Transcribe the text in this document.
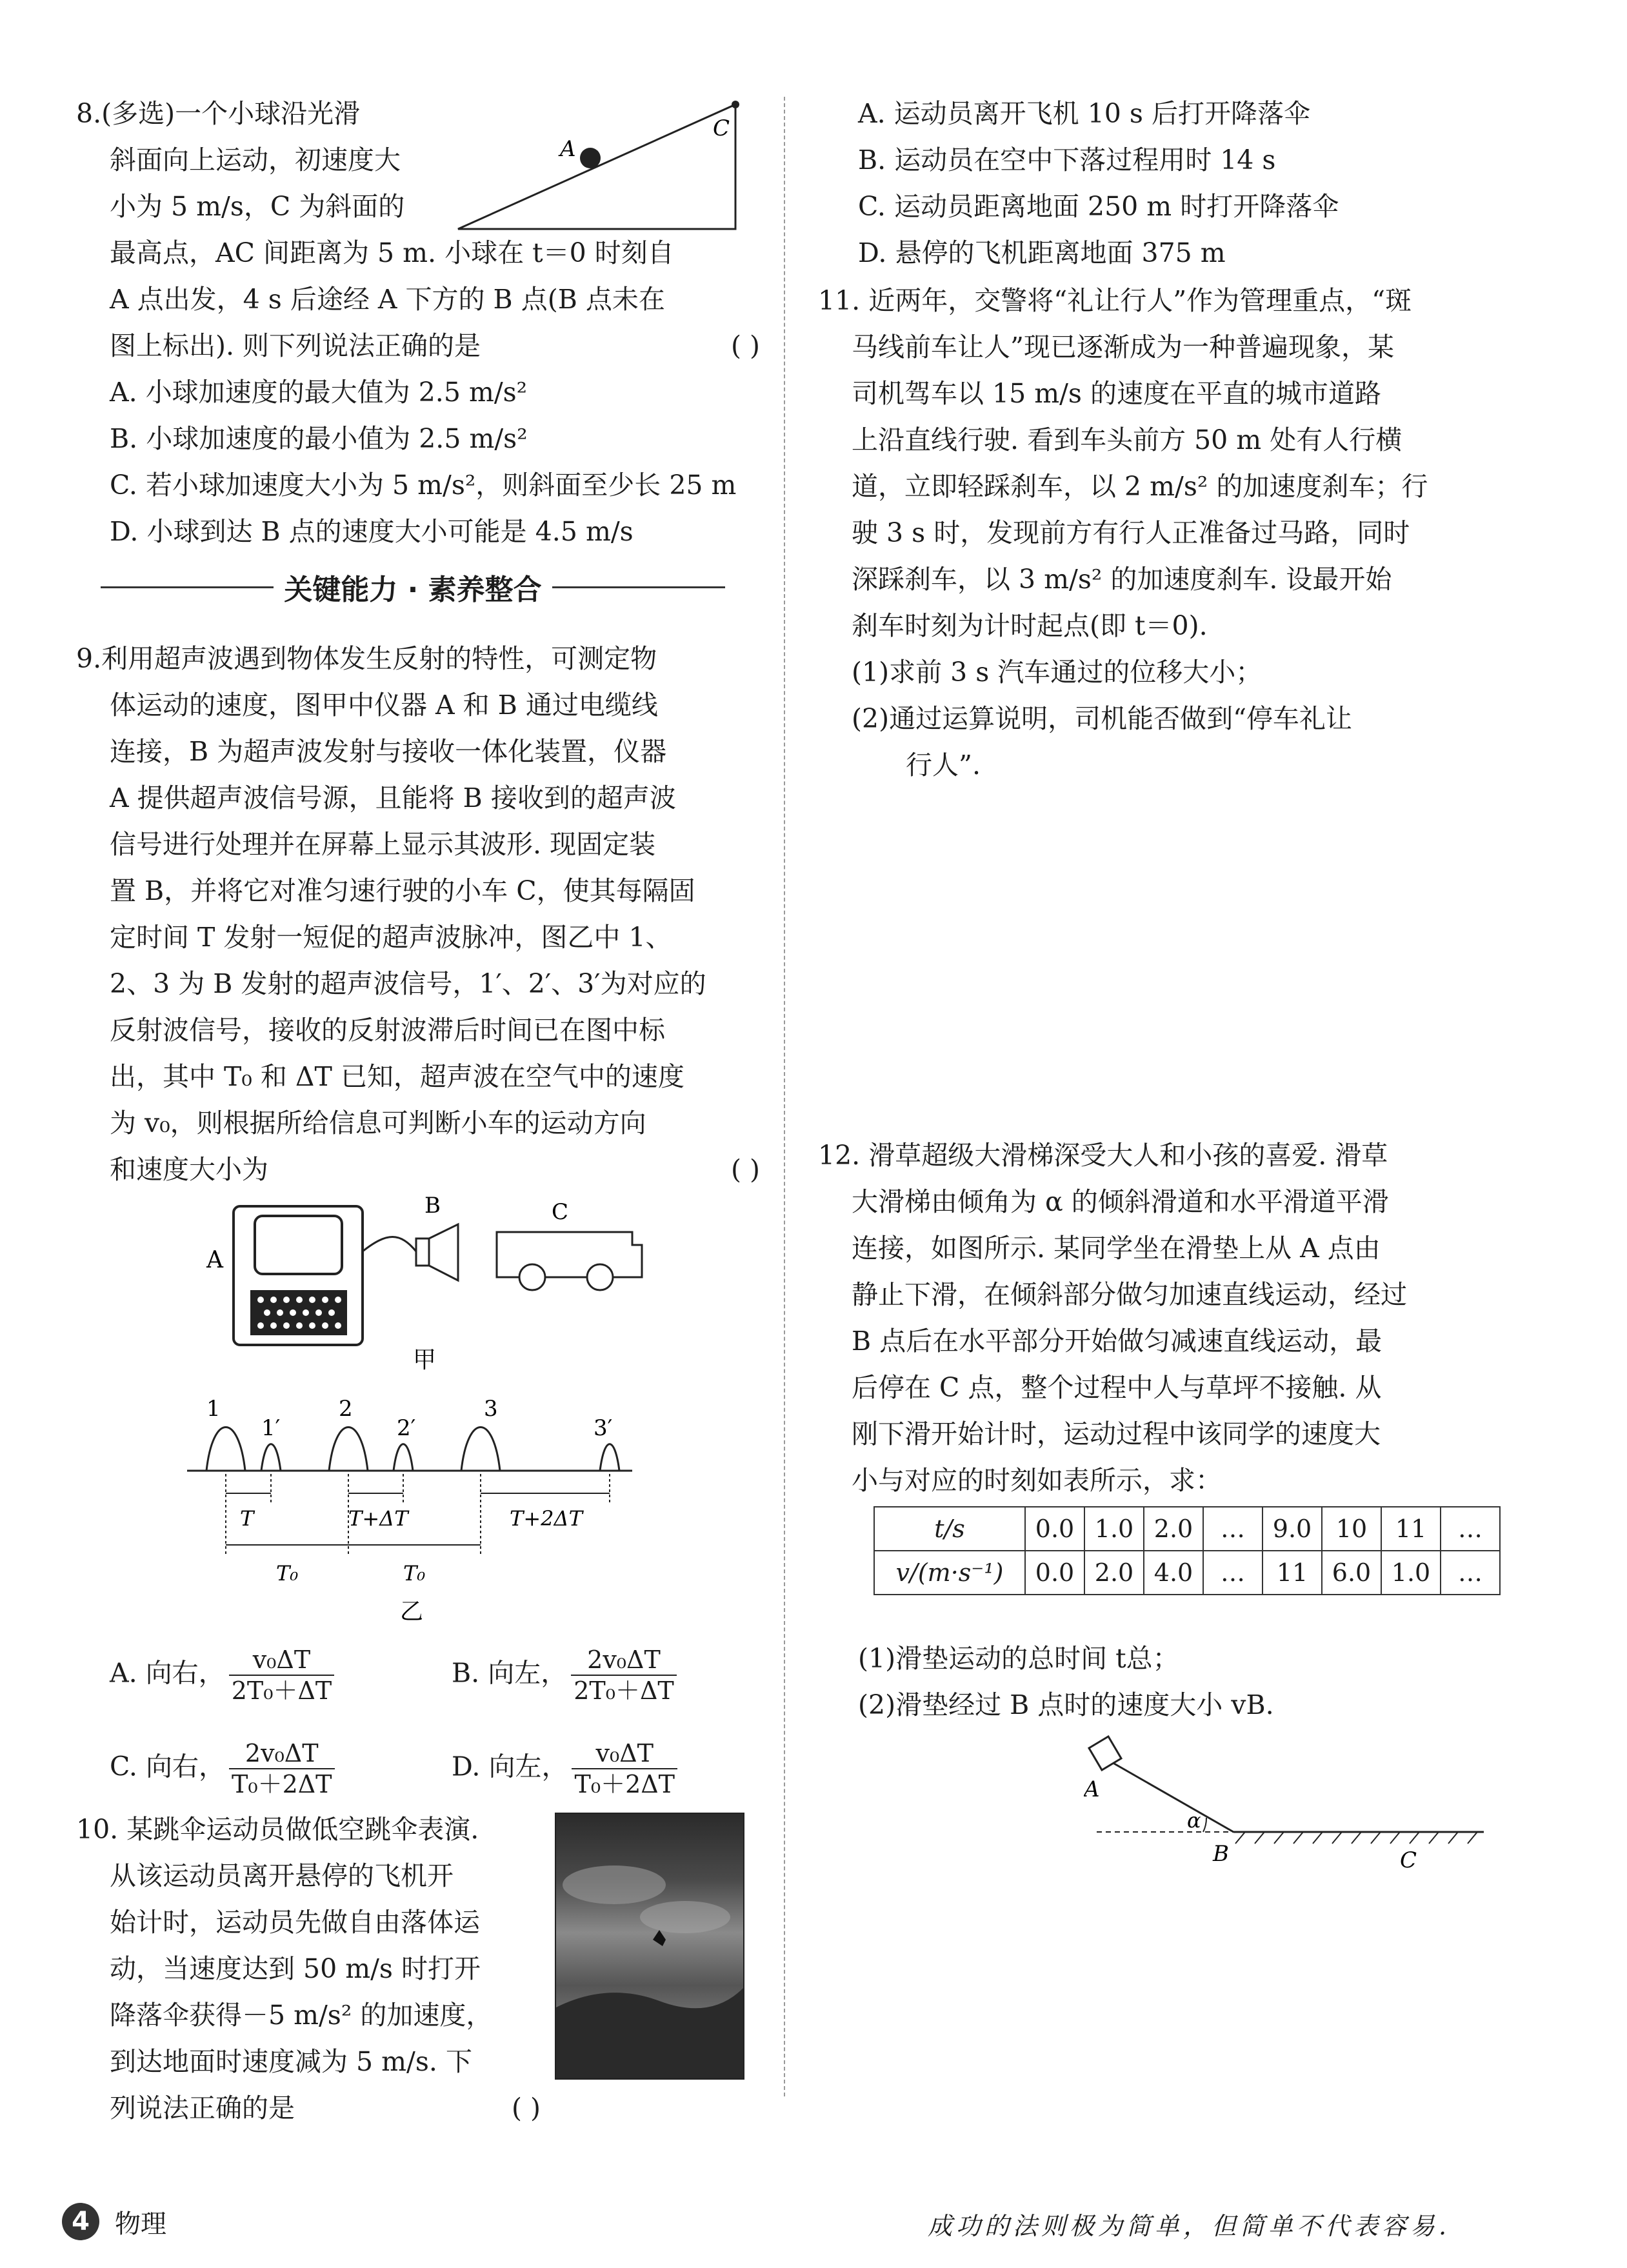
8.(多选)一个小球沿光滑

斜面向上运动，初速度大

小为 5 m/s，C 为斜面的

最高点，AC 间距离为 5 m. 小球在 t＝0 时刻自

A 点出发，4 s 后途经 A 下方的 B 点(B 点未在

图上标出). 则下列说法正确的是	( )

A. 小球加速度的最大值为 2.5 m/s²

B. 小球加速度的最小值为 2.5 m/s²

C. 若小球加速度大小为 5 m/s²，则斜面至少长 25 m

D. 小球到达 B 点的速度大小可能是 4.5 m/s

A
C
关键能力 · 素养整合

9.利用超声波遇到物体发生反射的特性，可测定物

体运动的速度，图甲中仪器 A 和 B 通过电缆线

连接，B 为超声波发射与接收一体化装置，仪器

A 提供超声波信号源，且能将 B 接收到的超声波

信号进行处理并在屏幕上显示其波形. 现固定装

置 B，并将它对准匀速行驶的小车 C，使其每隔固

定时间 T 发射一短促的超声波脉冲，图乙中 1、

2、3 为 B 发射的超声波信号，1′、2′、3′为对应的

反射波信号，接收的反射波滞后时间已在图中标

出，其中 T₀ 和 ΔT 已知，超声波在空气中的速度

为 v₀，则根据所给信息可判断小车的运动方向

和速度大小为	( )

A
B	C
甲
1
1′
2
2′
3
3′
T	T+ΔT	T+2ΔT
T₀	T₀
乙
A. 向右， $\frac{\text{v₀ΔT}}{\text{2T₀＋ΔT}}$	B. 向左， $\frac{\text{2v₀ΔT}}{\text{2T₀＋ΔT}}$
C. 向右， $\frac{\text{2v₀ΔT}}{\text{T₀＋2ΔT}}$	D. 向左， $\frac{\text{v₀ΔT}}{\text{T₀＋2ΔT}}$

10. 某跳伞运动员做低空跳伞表演.

从该运动员离开悬停的飞机开

始计时，运动员先做自由落体运

动，当速度达到 50 m/s 时打开

降落伞获得－5 m/s² 的加速度，

到达地面时速度减为 5 m/s. 下

列说法正确的是	( )

A. 运动员离开飞机 10 s 后打开降落伞

B. 运动员在空中下落过程用时 14 s

C. 运动员距离地面 250 m 时打开降落伞

D. 悬停的飞机距离地面 375 m

11. 近两年，交警将“礼让行人”作为管理重点，“斑

马线前车让人”现已逐渐成为一种普遍现象，某

司机驾车以 15 m/s 的速度在平直的城市道路

上沿直线行驶. 看到车头前方 50 m 处有人行横

道，立即轻踩刹车，以 2 m/s² 的加速度刹车；行

驶 3 s 时，发现前方有行人正准备过马路，同时

深踩刹车，以 3 m/s² 的加速度刹车. 设最开始

刹车时刻为计时起点(即 t＝0).

(1)求前 3 s 汽车通过的位移大小；

(2)通过运算说明，司机能否做到“停车礼让

行人”.

12. 滑草超级大滑梯深受大人和小孩的喜爱. 滑草

大滑梯由倾角为 α 的倾斜滑道和水平滑道平滑

连接，如图所示. 某同学坐在滑垫上从 A 点由

静止下滑，在倾斜部分做匀加速直线运动，经过

B 点后在水平部分开始做匀减速直线运动，最

后停在 C 点，整个过程中人与草坪不接触. 从

刚下滑开始计时，运动过程中该同学的速度大

小与对应的时刻如表所示，求：

t/s	0.0	1.0	2.0	…	9.0	10	11	…
v/(m·s⁻¹)	0.0	2.0	4.0	…	11	6.0	1.0	…

(1)滑垫运动的总时间 t总；

(2)滑垫经过 B 点时的速度大小 vB.

α
A
B	C
4 物理	成功的法则极为简单，但简单不代表容易.
